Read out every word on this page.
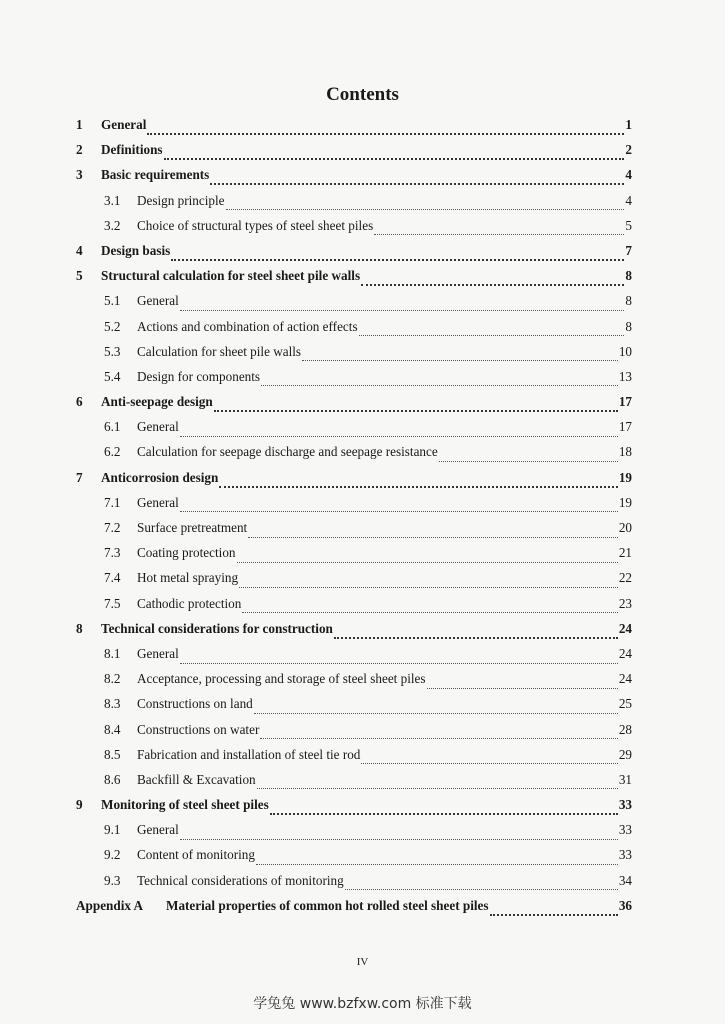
Contents
1	General	1
2	Definitions	2
3	Basic requirements	4
3.1	Design principle	4
3.2	Choice of structural types of steel sheet piles	5
4	Design basis	7
5	Structural calculation for steel sheet pile walls	8
5.1	General	8
5.2	Actions and combination of action effects	8
5.3	Calculation for sheet pile walls	10
5.4	Design for components	13
6	Anti-seepage design	17
6.1	General	17
6.2	Calculation for seepage discharge and seepage resistance	18
7	Anticorrosion design	19
7.1	General	19
7.2	Surface pretreatment	20
7.3	Coating protection	21
7.4	Hot metal spraying	22
7.5	Cathodic protection	23
8	Technical considerations for construction	24
8.1	General	24
8.2	Acceptance, processing and storage of steel sheet piles	24
8.3	Constructions on land	25
8.4	Constructions on water	28
8.5	Fabrication and installation of steel tie rod	29
8.6	Backfill & Excavation	31
9	Monitoring of steel sheet piles	33
9.1	General	33
9.2	Content of monitoring	33
9.3	Technical considerations of monitoring	34
Appendix A	Material properties of common hot rolled steel sheet piles	36
IV
学兔兔 www.bzfxw.com 标准下载
